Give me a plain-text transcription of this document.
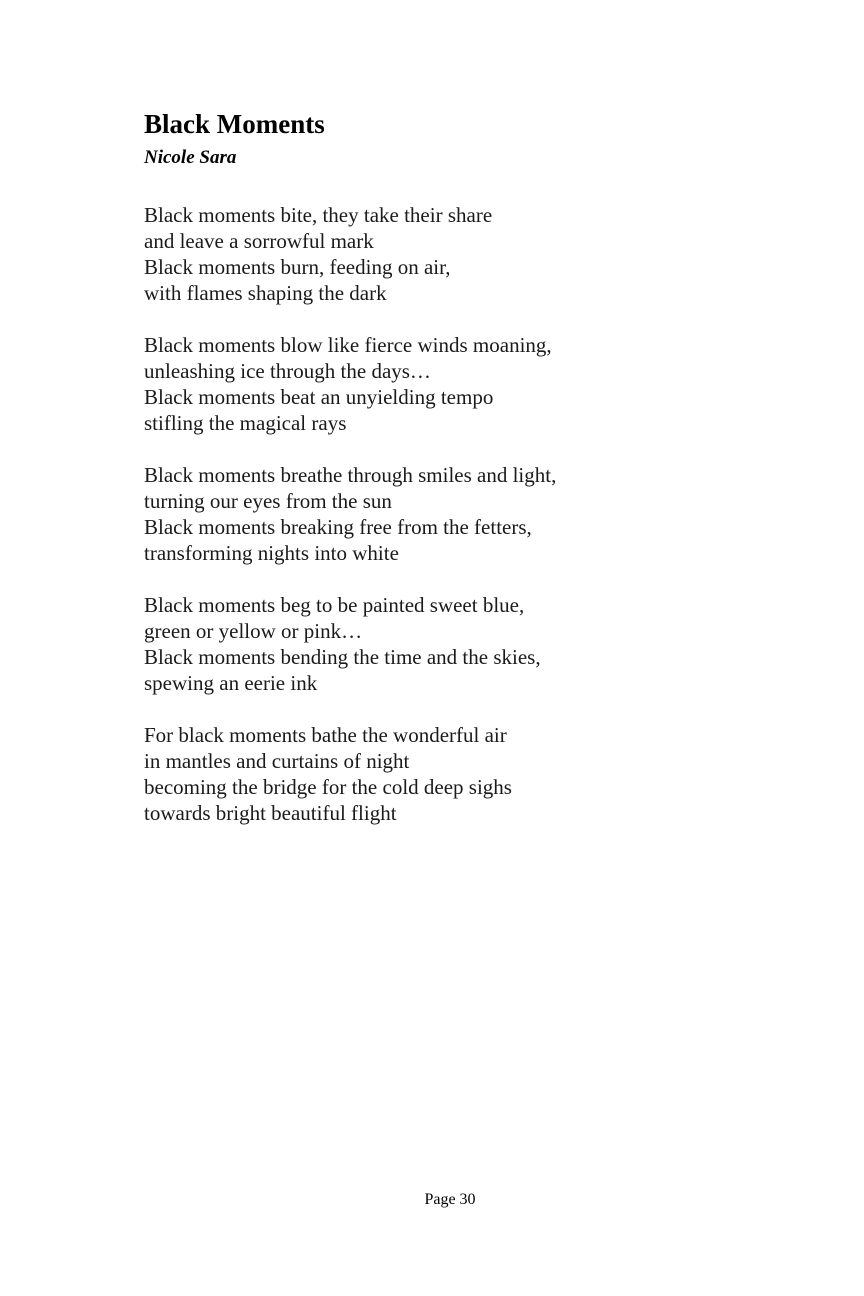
Black Moments

Nicole Sara

Black moments bite, they take their share
and leave a sorrowful mark
Black moments burn, feeding on air,
with flames shaping the dark

Black moments blow like fierce winds moaning,
unleashing ice through the days…
Black moments beat an unyielding tempo
stifling the magical rays

Black moments breathe through smiles and light,
turning our eyes from the sun
Black moments breaking free from the fetters,
transforming nights into white

Black moments beg to be painted sweet blue,
green or yellow or pink…
Black moments bending the time and the skies,
spewing an eerie ink

For black moments bathe the wonderful air
in mantles and curtains of night
becoming the bridge for the cold deep sighs
towards bright beautiful flight

Page 30
